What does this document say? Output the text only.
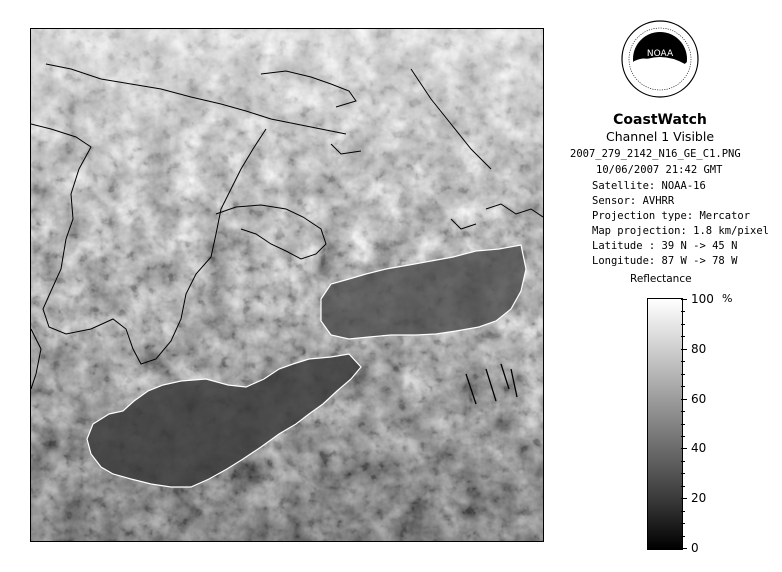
NOAA
CoastWatch
Channel 1 Visible
2007_279_2142_N16_GE_C1.PNG
10/06/2007 21:42 GMT
Satellite: NOAA-16
Sensor: AVHRR
Projection type: Mercator
Map projection: 1.8 km/pixel
Latitude : 39 N -> 45 N
Longitude: 87 W -> 78 W
Reflectance
%
100
80
60
40
20
0
